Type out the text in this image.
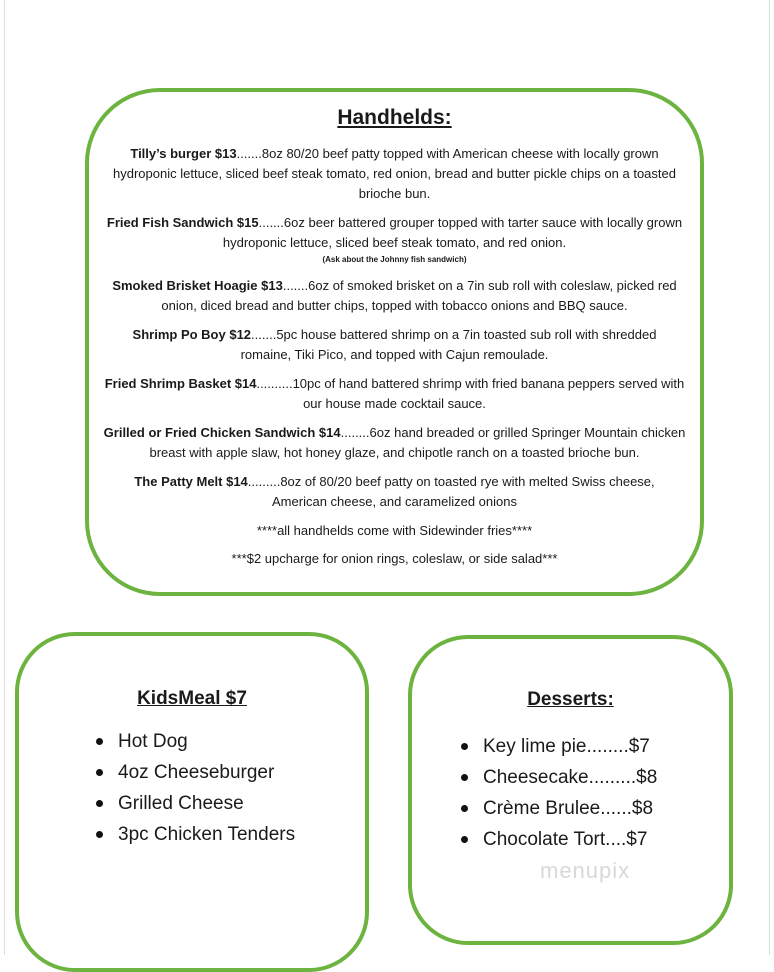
Handhelds:
Tilly’s burger $13.......8oz 80/20 beef patty topped with American cheese with locally grown hydroponic lettuce, sliced beef steak tomato, red onion, bread and butter pickle chips on a toasted brioche bun.
Fried Fish Sandwich $15.......6oz beer battered grouper topped with tarter sauce with locally grown hydroponic lettuce, sliced beef steak tomato, and red onion.
(Ask about the Johnny fish sandwich)
Smoked Brisket Hoagie $13.......6oz of smoked brisket on a 7in sub roll with coleslaw, picked red onion, diced bread and butter chips, topped with tobacco onions and BBQ sauce.
Shrimp Po Boy $12.......5pc house battered shrimp on a 7in toasted sub roll with shredded romaine, Tiki Pico, and topped with Cajun remoulade.
Fried Shrimp Basket $14..........10pc of hand battered shrimp with fried banana peppers served with our house made cocktail sauce.
Grilled or Fried Chicken Sandwich $14........6oz hand breaded or grilled Springer Mountain chicken breast with apple slaw, hot honey glaze, and chipotle ranch on a toasted brioche bun.
The Patty Melt $14.........8oz of 80/20 beef patty on toasted rye with melted Swiss cheese, American cheese, and caramelized onions
****all handhelds come with Sidewinder fries****
***$2 upcharge for onion rings, coleslaw, or side salad***
KidsMeal $7
Hot Dog
4oz Cheeseburger
Grilled Cheese
3pc Chicken Tenders
Desserts:
Key lime pie........$7
Cheesecake.........$8
Crème Brulee......$8
Chocolate Tort....$7
menupix
